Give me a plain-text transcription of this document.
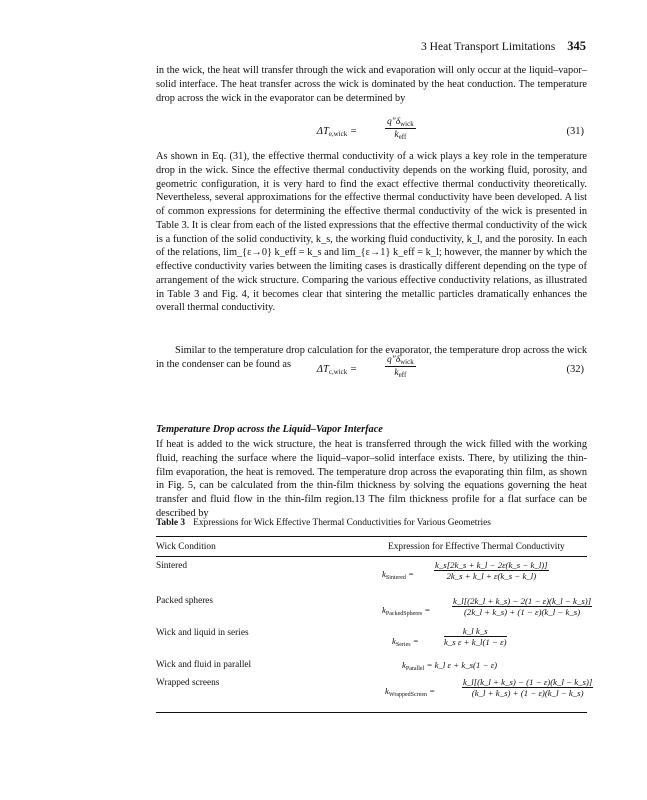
3 Heat Transport Limitations 345

in the wick, the heat will transfer through the wick and evaporation will only occur at the liquid–vapor–solid interface. The heat transfer across the wick is dominated by the heat conduction. The temperature drop across the wick in the evaporator can be determined by

$\Delta T_{e,wick}$ =
$q''\delta_{wick}$
$k_{eff}$	(31)

As shown in Eq. (31), the effective thermal conductivity of a wick plays a key role in the temperature drop in the wick. Since the effective thermal conductivity depends on the working fluid, porosity, and geometric configuration, it is very hard to find the exact effective thermal conductivity theoretically. Nevertheless, several approximations for the effective thermal conductivity have been developed. A list of common expressions for determining the effective thermal conductivity of the wick is presented in Table 3. It is clear from each of the listed expressions that the effective thermal conductivity of the wick is a function of the solid conductivity, k_s, the working fluid conductivity, k_l, and the porosity. In each of the relations, lim_{ε→0} k_eff = k_s and lim_{ε→1} k_eff = k_l; however, the manner by which the effective conductivity varies between the limiting cases is drastically different depending on the type of arrangement of the wick structure. Comparing the various effective conductivity relations, as illustrated in Table 3 and Fig. 4, it becomes clear that sintering the metallic particles dramatically enhances the overall thermal conductivity.

Similar to the temperature drop calculation for the evaporator, the temperature drop across the wick in the condenser can be found as	$\Delta T_{c,wick}$ =
$q''\delta_{wick}$
$k_{eff}$	(32)

Temperature Drop across the Liquid–Vapor Interface

If heat is added to the wick structure, the heat is transferred through the wick filled with the working fluid, reaching the surface where the liquid–vapor–solid interface exists. There, by utilizing the thin-film evaporation, the heat is removed. The temperature drop across the evaporating thin film, as shown in Fig. 5, can be calculated from the thin-film thickness by solving the equations governing the heat transfer and fluid flow in the thin-film region.13 The film thickness profile for a flat surface can be described by

Table 3 Expressions for Wick Effective Thermal Conductivities for Various Geometries
Wick Condition	Expression for Effective Thermal Conductivity
Sintered
$k_{Sintered}$ =
k_s[2k_s + k_l − 2ε(k_s − k_l)]
2k_s + k_l + ε(k_s − k_l)
Packed spheres
$k_{PackedSpheres}$ =
k_l[(2k_l + k_s) − 2(1 − ε)(k_l − k_s)]
(2k_l + k_s) + (1 − ε)(k_l − k_s)
Wick and liquid in series
$k_{Series}$ =
k_l k_s
k_s ε + k_l(1 − ε)
Wick and fluid in parallel	$k_{Parallel}$ = k_l ε + k_s(1 − ε)
Wrapped screens
$k_{WrappedScreen}$ =
k_l[(k_l + k_s) − (1 − ε)(k_l − k_s)]
(k_l + k_s) + (1 − ε)(k_l − k_s)
